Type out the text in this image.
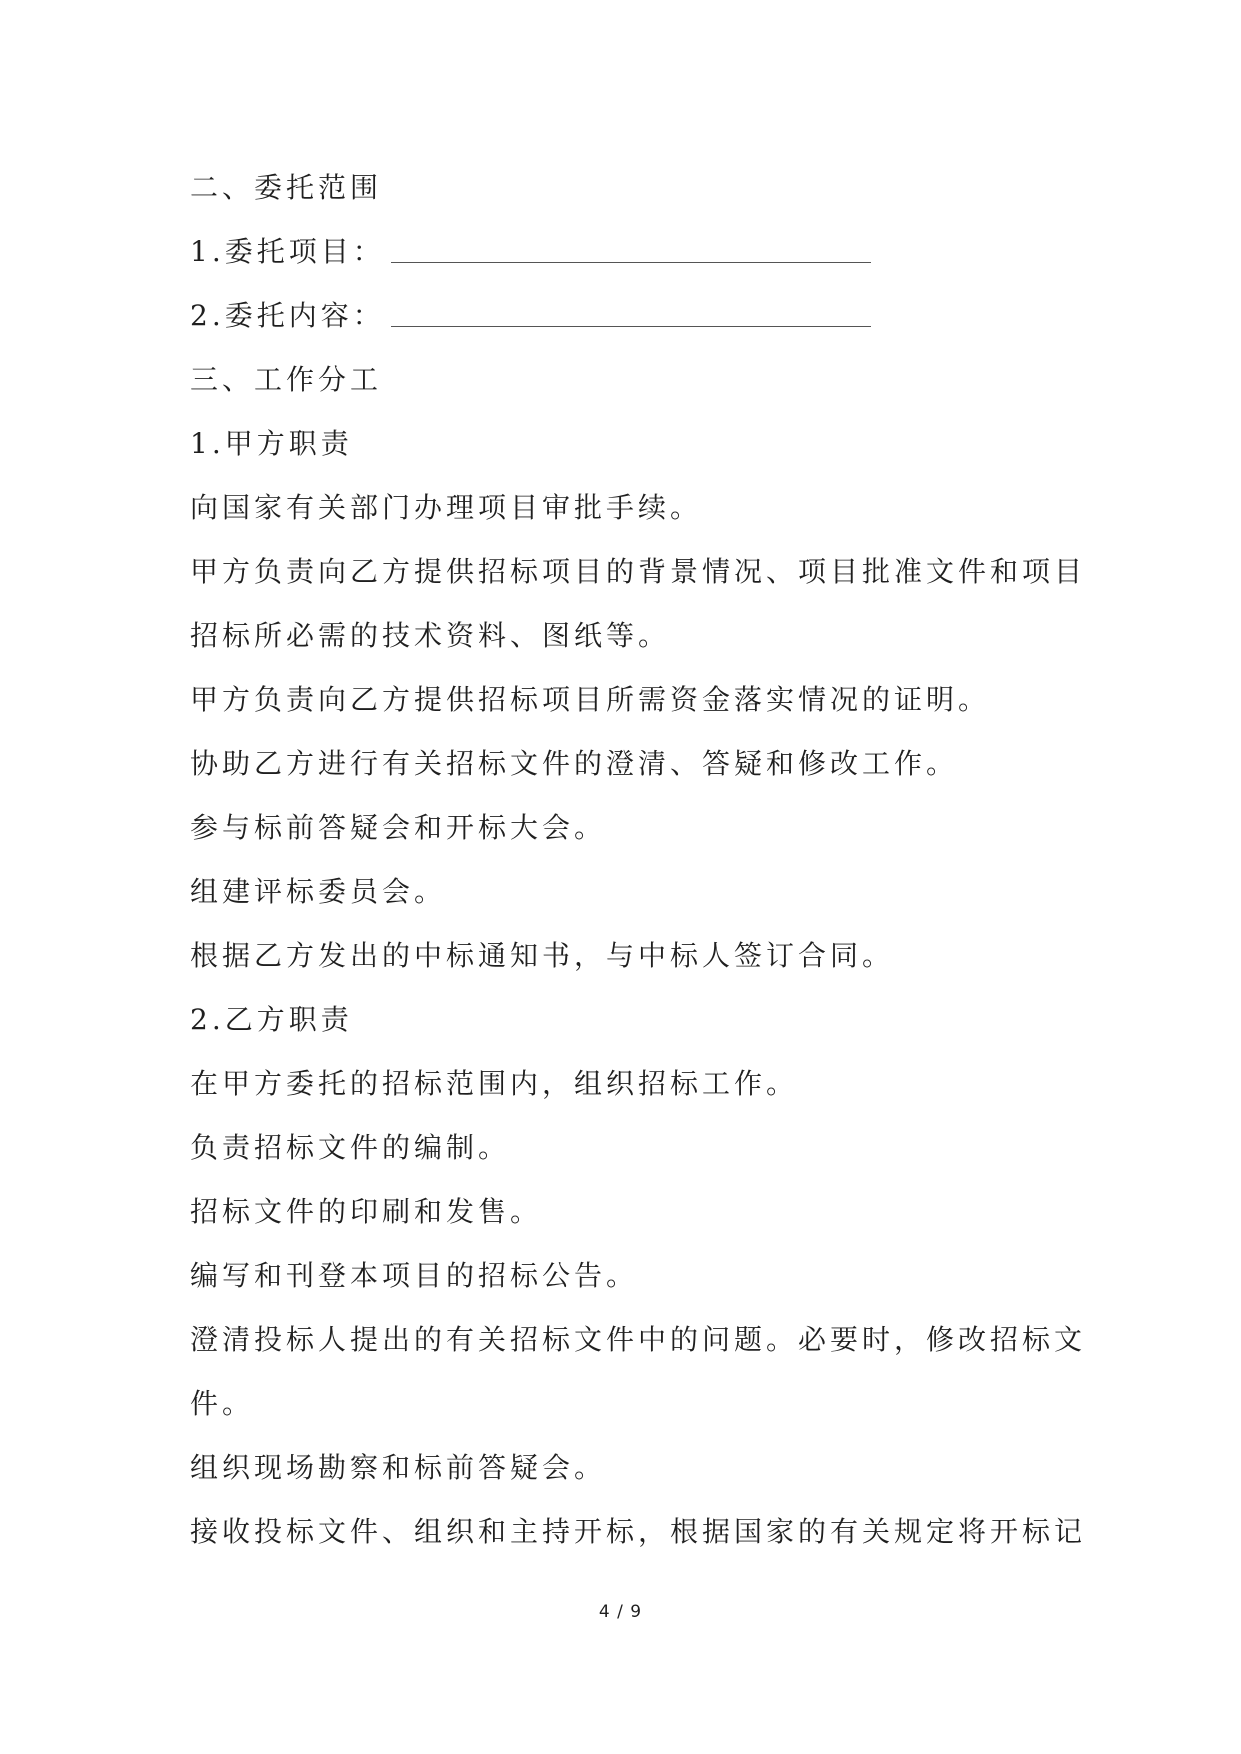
二、委托范围

1.委托项目：

2.委托内容：

三、工作分工

1.甲方职责

向国家有关部门办理项目审批手续。

甲方负责向乙方提供招标项目的背景情况、项目批准文件和项目

招标所必需的技术资料、图纸等。

甲方负责向乙方提供招标项目所需资金落实情况的证明。

协助乙方进行有关招标文件的澄清、答疑和修改工作。

参与标前答疑会和开标大会。

组建评标委员会。

根据乙方发出的中标通知书，与中标人签订合同。

2.乙方职责

在甲方委托的招标范围内，组织招标工作。

负责招标文件的编制。

招标文件的印刷和发售。

编写和刊登本项目的招标公告。

澄清投标人提出的有关招标文件中的问题。必要时，修改招标文

件。

组织现场勘察和标前答疑会。

接收投标文件、组织和主持开标，根据国家的有关规定将开标记

4 / 9
